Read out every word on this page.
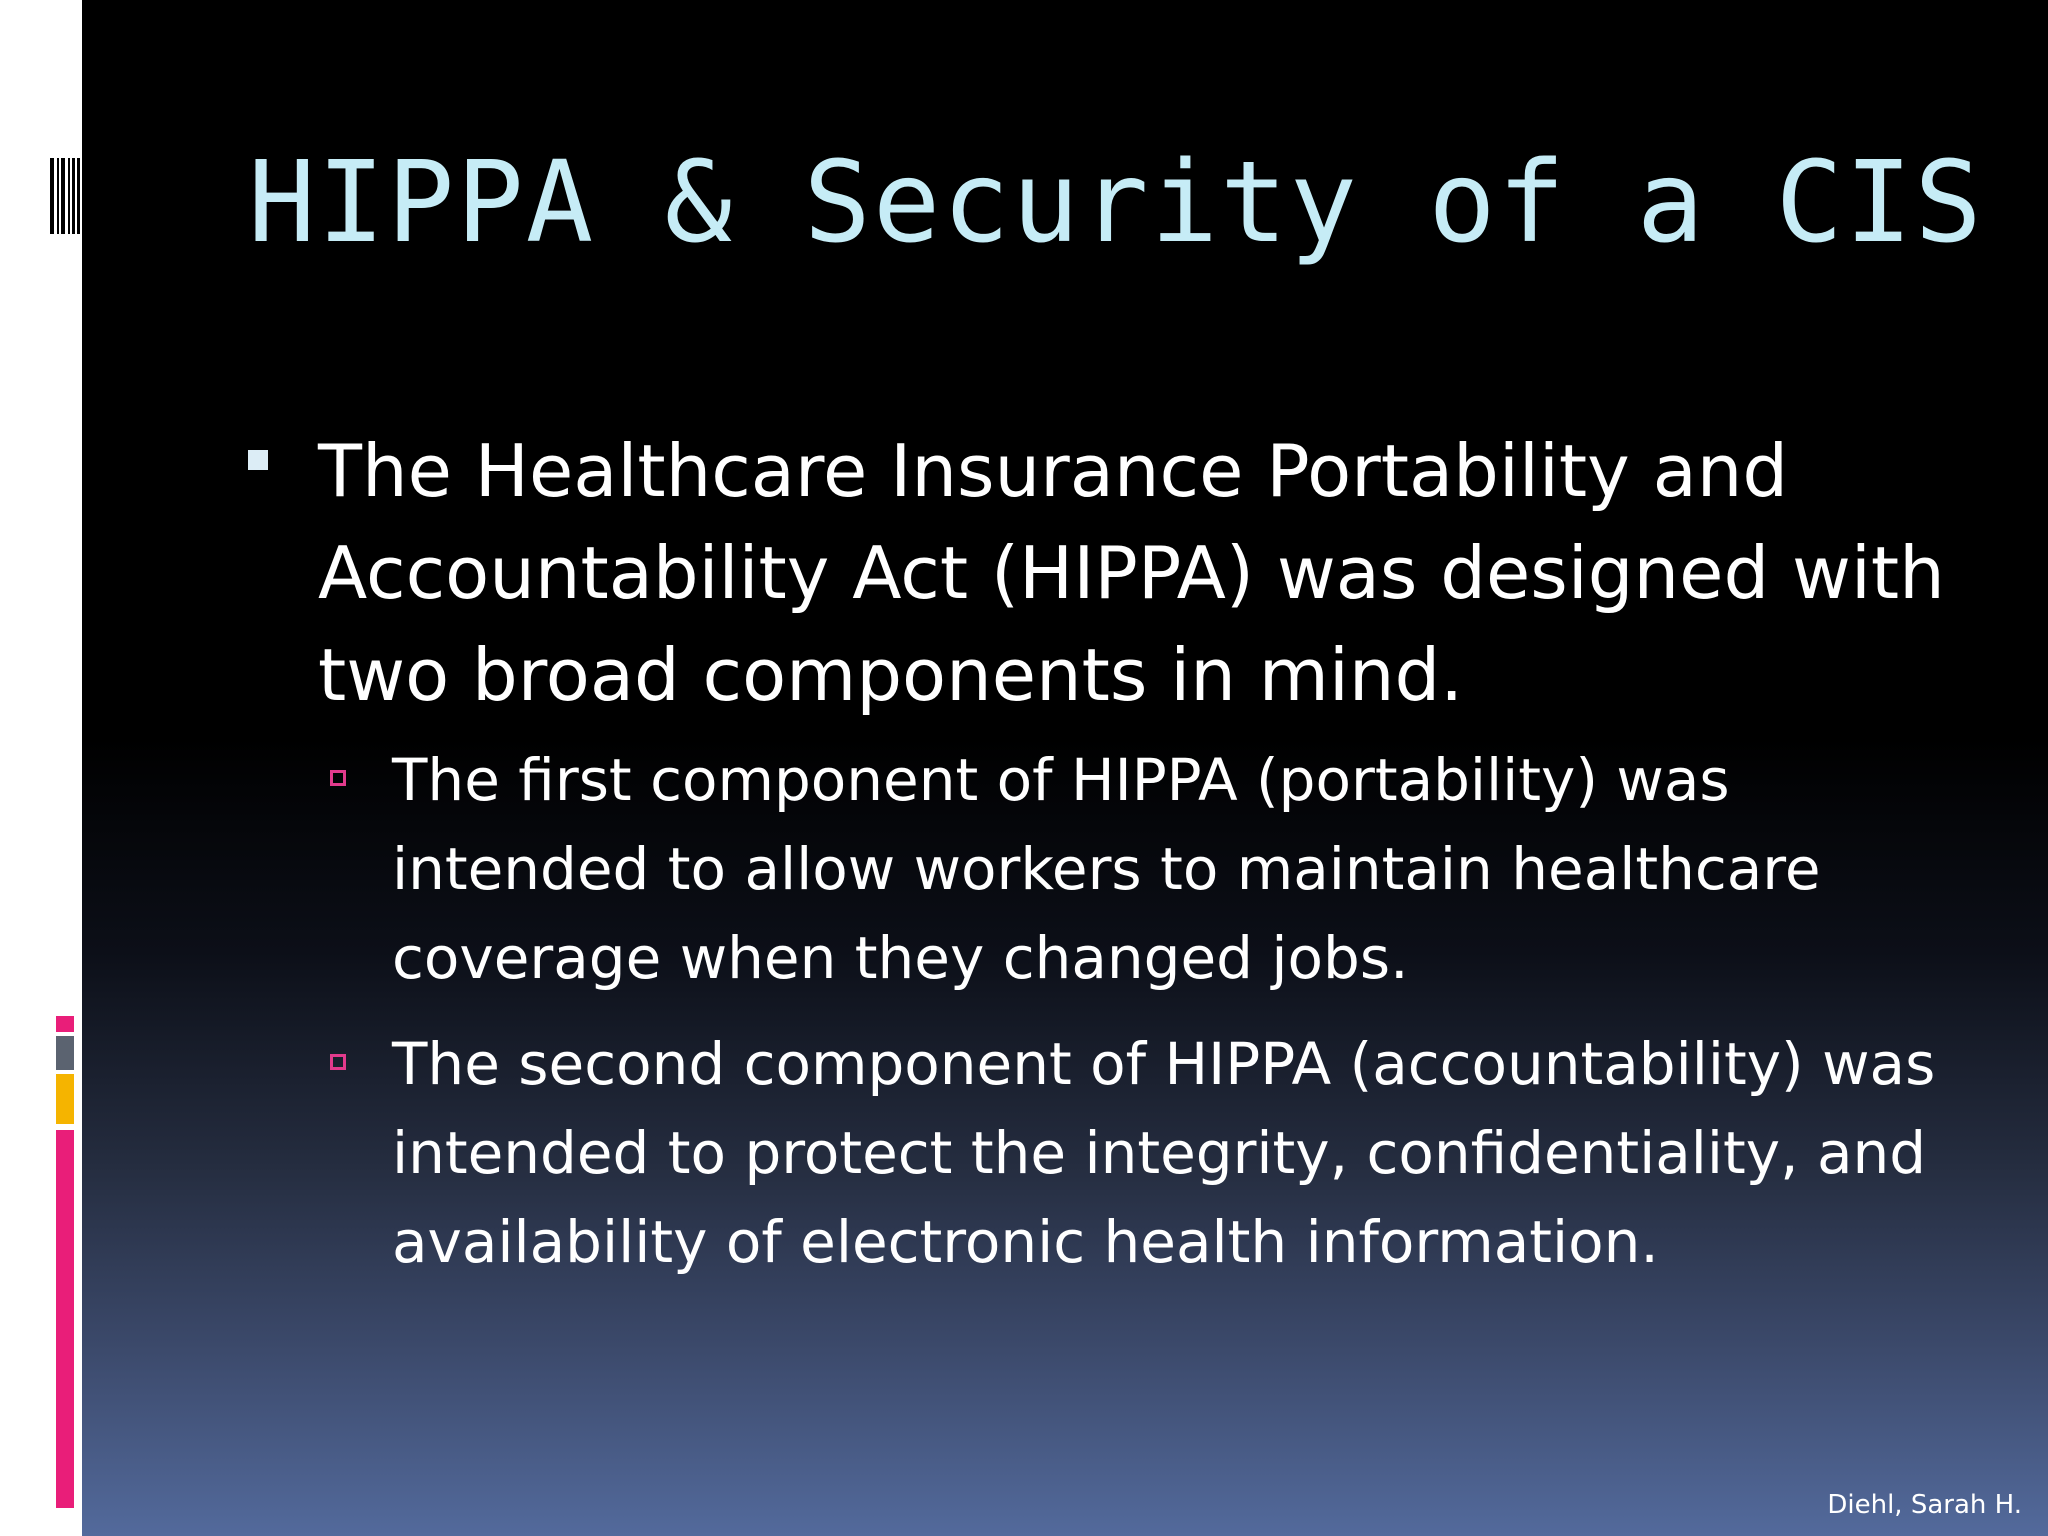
HIPPA & Security of a CIS
The Healthcare Insurance Portability and Accountability Act (HIPPA) was designed with two broad components in mind.
The first component of HIPPA (portability) was intended to allow workers to maintain healthcare coverage when they changed jobs.
The second component of HIPPA (accountability) was intended to protect the integrity, confidentiality, and availability of electronic health information.
Diehl, Sarah H.
